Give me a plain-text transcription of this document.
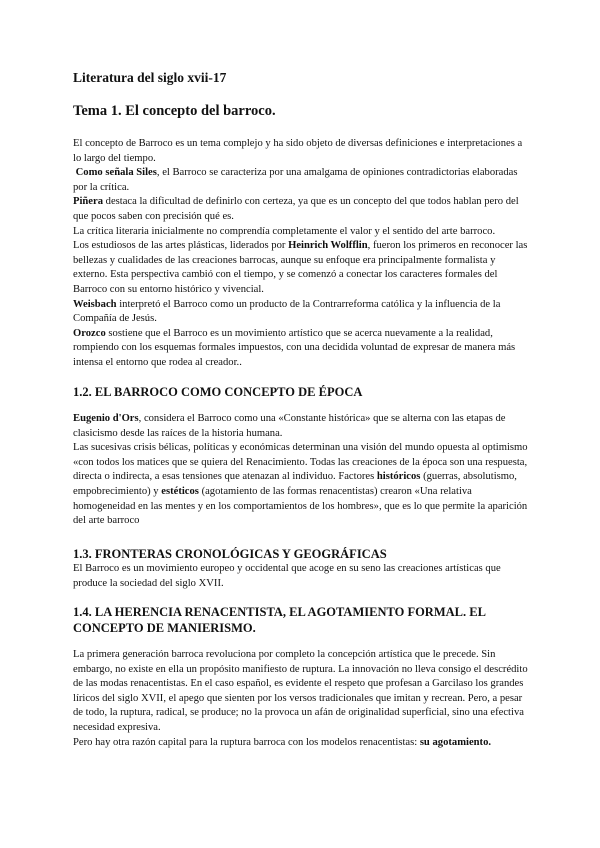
Literatura del siglo xvii-17
Tema 1. El concepto del barroco.

El concepto de Barroco es un tema complejo y ha sido objeto de diversas definiciones e interpretaciones a lo largo del tiempo.

Como señala Siles, el Barroco se caracteriza por una amalgama de opiniones contradictorias elaboradas por la crítica.

Piñera destaca la dificultad de definirlo con certeza, ya que es un concepto del que todos hablan pero del que pocos saben con precisión qué es.

La crítica literaria inicialmente no comprendía completamente el valor y el sentido del arte barroco.

Los estudiosos de las artes plásticas, liderados por Heinrich Wolfflin, fueron los primeros en reconocer las bellezas y cualidades de las creaciones barrocas, aunque su enfoque era principalmente formalista y externo. Esta perspectiva cambió con el tiempo, y se comenzó a conectar los caracteres formales del Barroco con su entorno histórico y vivencial.

Weisbach interpretó el Barroco como un producto de la Contrarreforma católica y la influencia de la Compañía de Jesús.

Orozco sostiene que el Barroco es un movimiento artístico que se acerca nuevamente a la realidad, rompiendo con los esquemas formales impuestos, con una decidida voluntad de expresar de manera más intensa el entorno que rodea al creador..

1.2. EL BARROCO COMO CONCEPTO DE ÉPOCA

Eugenio d'Ors, considera el Barroco como una «Constante histórica» que se alterna con las etapas de clasicismo desde las raíces de la historia humana.

Las sucesivas crisis bélicas, políticas y económicas determinan una visión del mundo opuesta al optimismo «con todos los matices que se quiera del Renacimiento. Todas las creaciones de la época son una respuesta, directa o indirecta, a esas tensiones que atenazan al individuo. Factores históricos (guerras, absolutismo, empobrecimiento) y estéticos (agotamiento de las formas renacentistas) crearon «Una relativa homogeneidad en las mentes y en los comportamientos de los hombres», que es lo que permite la aparición del arte barroco

1.3. FRONTERAS CRONOLÓGICAS Y GEOGRÁFICAS

El Barroco es un movimiento europeo y occidental que acoge en su seno las creaciones artísticas que produce la sociedad del siglo XVII.

1.4. LA HERENCIA RENACENTISTA, EL AGOTAMIENTO FORMAL. EL CONCEPTO DE MANIERISMO.

La primera generación barroca revoluciona por completo la concepción artística que le precede. Sin embargo, no existe en ella un propósito manifiesto de ruptura. La innovación no lleva consigo el descrédito de las modas renacentistas. En el caso español, es evidente el respeto que profesan a Garcilaso los grandes líricos del siglo XVII, el apego que sienten por los versos tradicionales que imitan y recrean. Pero, a pesar de todo, la ruptura, radical, se produce; no la provoca un afán de originalidad superficial, sino una efectiva necesidad expresiva.

Pero hay otra razón capital para la ruptura barroca con los modelos renacentistas: su agotamiento.
